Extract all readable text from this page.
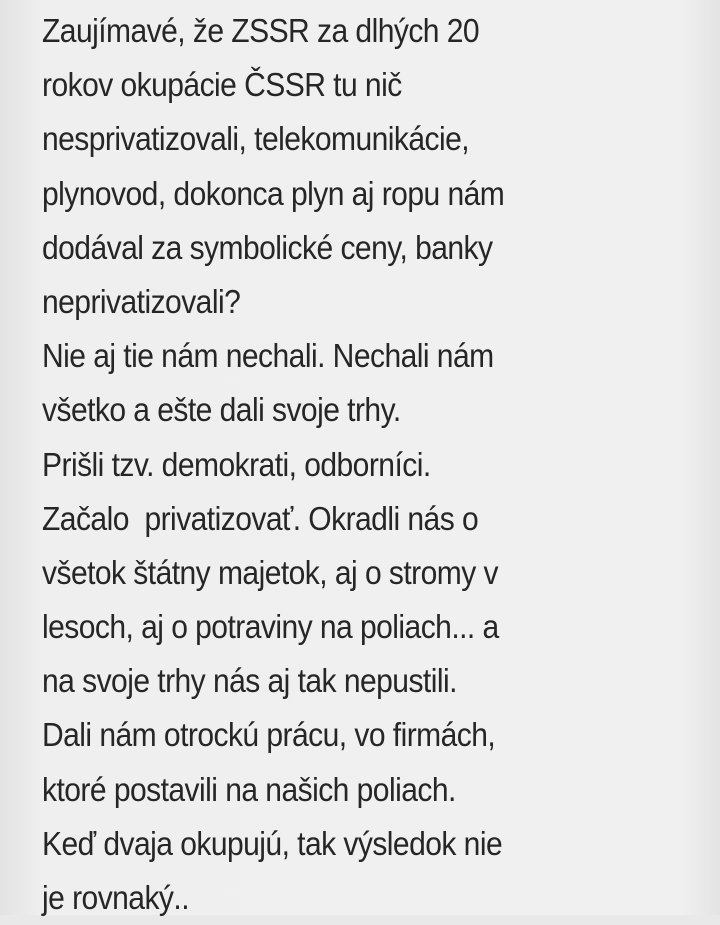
Zaujímavé, že ZSSR za dlhých 20
rokov okupácie ČSSR tu nič
nesprivatizovali, telekomunikácie,
plynovod, dokonca plyn aj ropu nám
dodával za symbolické ceny, banky
neprivatizovali?
Nie aj tie nám nechali. Nechali nám
všetko a ešte dali svoje trhy.
Prišli tzv. demokrati, odborníci.
Začalo  privatizovať. Okradli nás o
všetok štátny majetok, aj o stromy v
lesoch, aj o potraviny na poliach... a
na svoje trhy nás aj tak nepustili.
Dali nám otrockú prácu, vo firmách,
ktoré postavili na našich poliach.
Keď dvaja okupujú, tak výsledok nie
je rovnaký..
